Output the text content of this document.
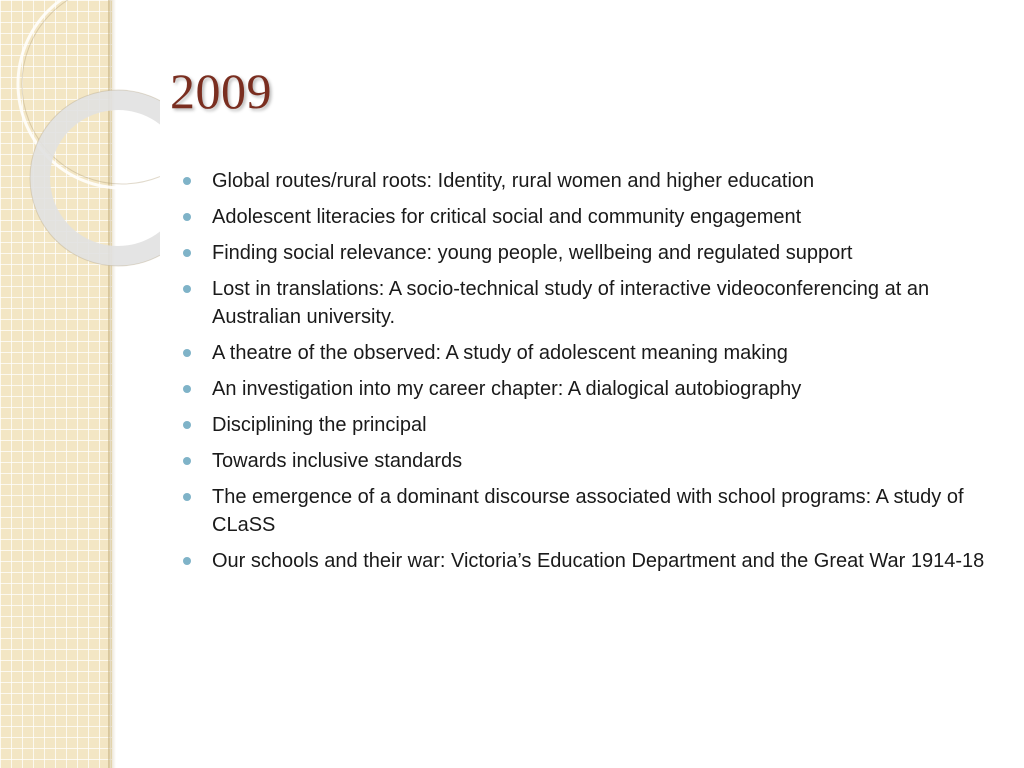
2009
Global routes/rural roots: Identity, rural women and higher education
Adolescent literacies for critical social and community engagement
Finding social relevance: young people, wellbeing and regulated support
Lost in translations: A socio-technical study of interactive videoconferencing at an Australian university.
A theatre of the observed: A study of adolescent meaning making
An investigation into my career chapter: A dialogical autobiography
Disciplining the principal
Towards inclusive standards
The emergence of a dominant discourse associated with school programs: A study of CLaSS
Our schools and their war: Victoria’s Education Department and the Great War 1914-18
